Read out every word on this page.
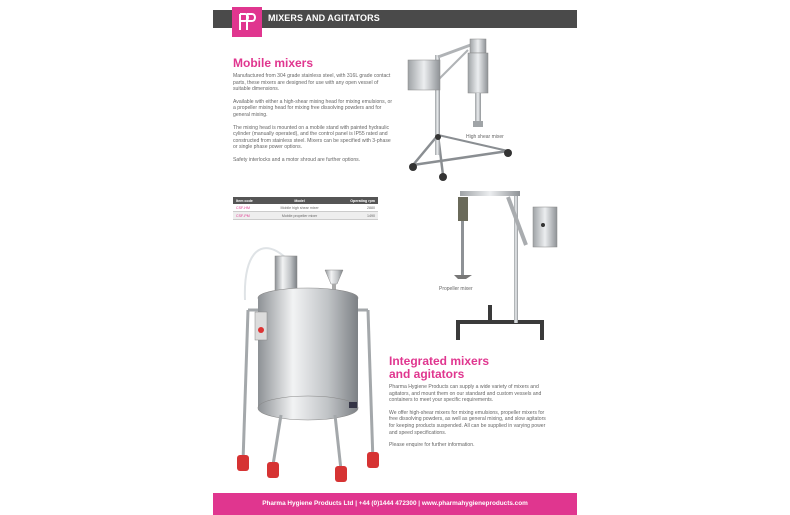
MIXERS AND AGITATORS
Mobile mixers

Manufactured from 304 grade stainless steel, with 316L grade contact parts, these mixers are designed for use with any open vessel of suitable dimensions.

Available with either a high-shear mixing head for mixing emulsions, or a propeller mixing head for mixing free dissolving powders and for general mixing.

The mixing head is mounted on a mobile stand with painted hydraulic cylinder (manually operated), and the control panel is IP55 rated and constructed from stainless steel. Mixers can be specified with 3-phase or single phase power options.

Safety interlocks and a motor shroud are further options.

Item code	Model	Operating rpm
CSF-HM	Mobile high shear mixer	2880
CSF-PM	Mobile propeller mixer	1490
High shear mixer
Propeller mixer
Integrated mixers
and agitators

Pharma Hygiene Products can supply a wide variety of mixers and agitators, and mount them on our standard and custom vessels and containers to meet your specific requirements.

We offer high-shear mixers for mixing emulsions, propeller mixers for free dissolving powders, as well as general mixing, and slow agitators for keeping products suspended. All can be supplied in varying power and speed specifications.

Please enquire for further information.

Pharma Hygiene Products Ltd | +44 (0)1444 472300 | www.pharmahygieneproducts.com
